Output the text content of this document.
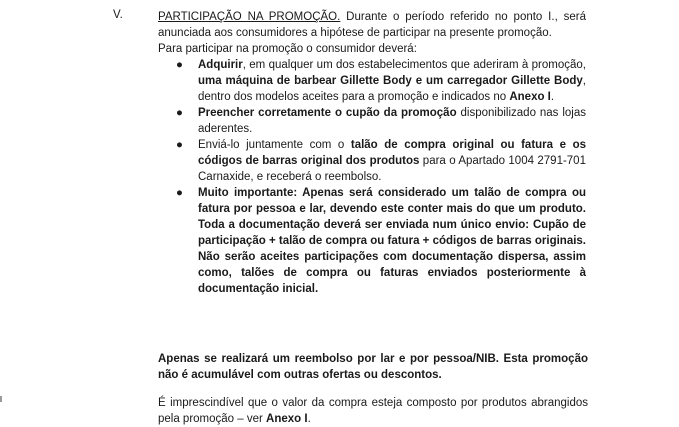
V.	PARTICIPAÇÃO NA PROMOÇÃO. Durante o período referido no ponto I., será anunciada aos consumidores a hipótese de participar na presente promoção.

Para participar na promoção o consumidor deverá:

● Adquirir, em qualquer um dos estabelecimentos que aderiram à promoção, uma máquina de barbear Gillette Body e um carregador Gillette Body, dentro dos modelos aceites para a promoção e indicados no Anexo I.
● Preencher corretamente o cupão da promoção disponibilizado nas lojas aderentes.
● Enviá-lo juntamente com o talão de compra original ou fatura e os códigos de barras original dos produtos para o Apartado 1004 2791-701 Carnaxide, e receberá o reembolso.
● Muito importante: Apenas será considerado um talão de compra ou fatura por pessoa e lar, devendo este conter mais do que um produto. Toda a documentação deverá ser enviada num único envio: Cupão de participação + talão de compra ou fatura + códigos de barras originais. Não serão aceites participações com documentação dispersa, assim como, talões de compra ou faturas enviados posteriormente à documentação inicial.

Apenas se realizará um reembolso por lar e por pessoa/NIB. Esta promoção não é acumulável com outras ofertas ou descontos.

É imprescindível que o valor da compra esteja composto por produtos abrangidos pela promoção – ver Anexo I.
